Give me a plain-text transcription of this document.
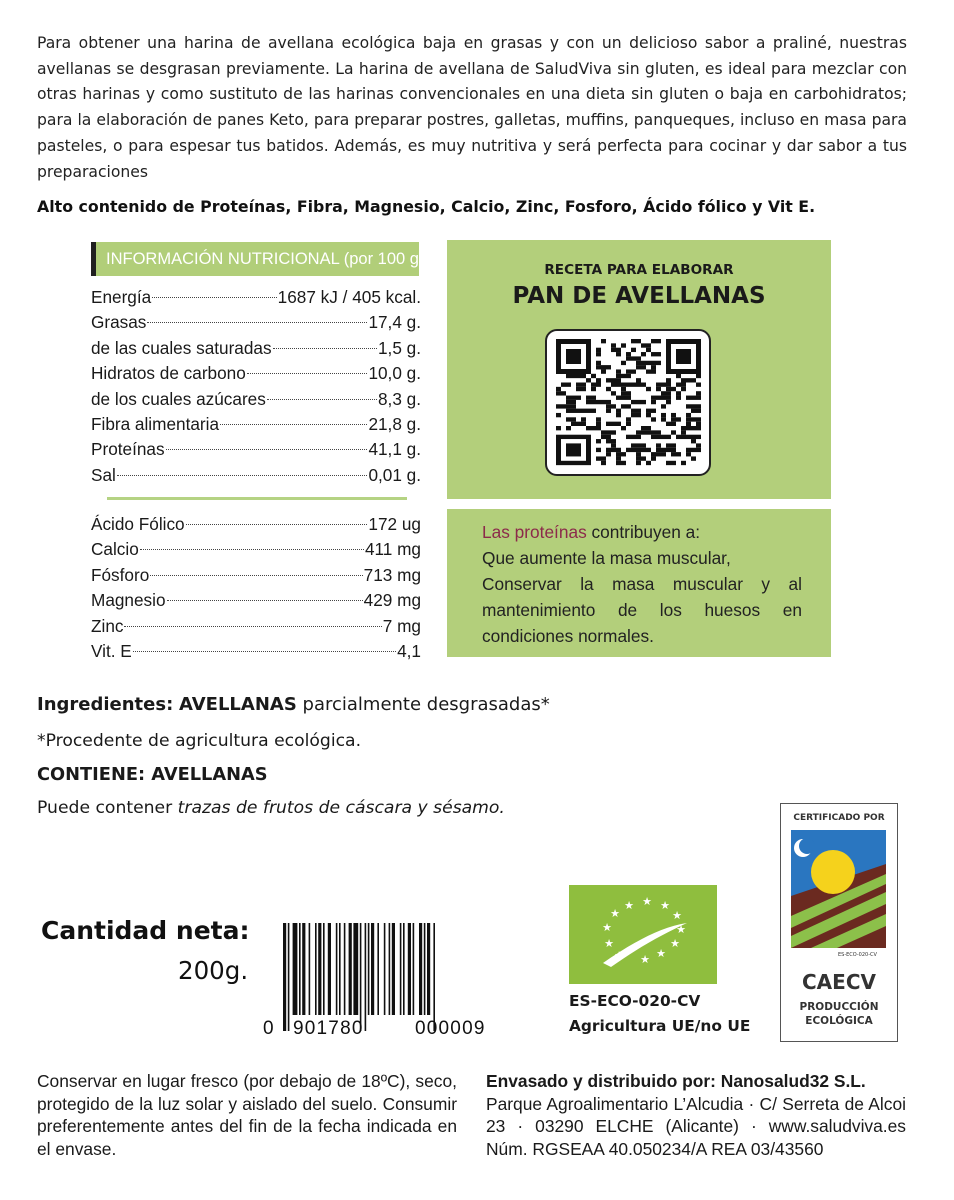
Para obtener una harina de avellana ecológica baja en grasas y con un delicioso sabor a praliné, nuestras avellanas se desgrasan previamente. La harina de avellana de SaludViva sin gluten, es ideal para mezclar con otras harinas y como sustituto de las harinas convencionales en una dieta sin gluten o baja en carbohidratos; para la elaboración de panes Keto, para preparar postres, galletas, muffins, panqueques, incluso en masa para pasteles, o para espesar tus batidos. Además, es muy nutritiva y será perfecta para cocinar y dar sabor a tus preparaciones

Alto contenido de Proteínas, Fibra, Magnesio, Calcio, Zinc, Fosforo, Ácido fólico y Vit E.

INFORMACIÓN NUTRICIONAL (por 100 g)
Energía	1687 kJ / 405 kcal.
Grasas	17,4 g.
de las cuales saturadas	1,5 g.
Hidratos de carbono	10,0 g.
de los cuales azúcares	8,3 g.
Fibra alimentaria	21,8 g.
Proteínas	41,1 g.
Sal	0,01 g.
Ácido Fólico	172 ug
Calcio	411 mg
Fósforo	713 mg
Magnesio	429 mg
Zinc	7 mg
Vit. E	4,1
RECETA PARA ELABORAR
PAN DE AVELLANAS

Las proteínas contribuyen a:
Que aumente la masa muscular,
Conservar la masa muscular y al mantenimiento de los huesos en condiciones normales.

Ingredientes: AVELLANAS parcialmente desgrasadas*
*Procedente de agricultura ecológica.
CONTIENE: AVELLANAS
Puede contener trazas de frutos de cáscara y sésamo.
Cantidad neta:
200g.
0 901780	000009
★ ★ ★
★
★
★
★
★
★
★
★
ES-ECO-020-CV
Agricultura UE/no UE
CERTIFICADO POR
ES-ECO-020-CV
CAECV
PRODUCCIÓN
ECOLÓGICA

Conservar en lugar fresco (por debajo de 18ºC), seco, protegido de la luz solar y aislado del suelo. Consumir preferentemente antes del fin de la fecha indicada en el envase.

Envasado y distribuido por: Nanosalud32 S.L.
Parque Agroalimentario L’Alcudia · C/ Serreta de Alcoi 23 · 03290 ELCHE (Alicante) · www.saludviva.es Núm. RGSEAA 40.050234/A REA 03/43560
